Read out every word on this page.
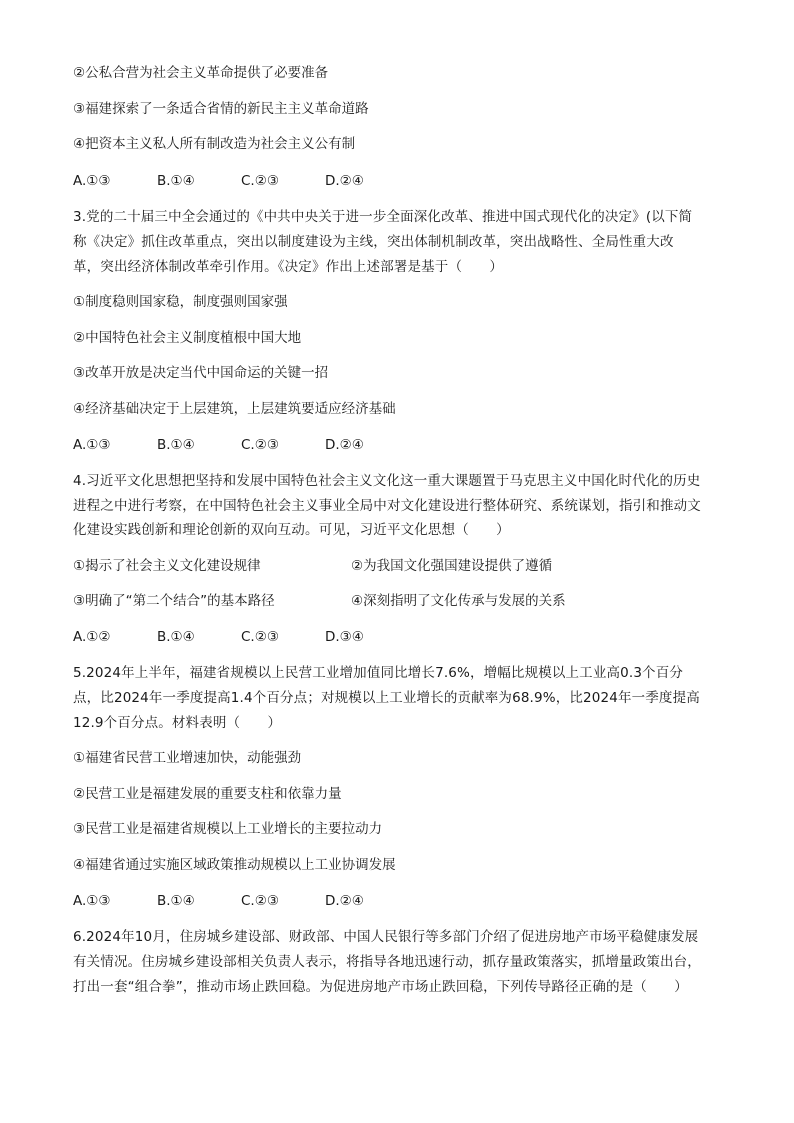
②公私合营为社会主义革命提供了必要准备
③福建探索了一条适合省情的新民主主义革命道路
④把资本主义私人所有制改造为社会主义公有制
A.①③	B.①④	C.②③	D.②④
3.党的二十届三中全会通过的《中共中央关于进一步全面深化改革、推进中国式现代化的决定》(以下简
称《决定》抓住改革重点，突出以制度建设为主线，突出体制机制改革，突出战略性、全局性重大改
革，突出经济体制改革牵引作用。《决定》作出上述部署是基于（　　）
①制度稳则国家稳，制度强则国家强
②中国特色社会主义制度植根中国大地
③改革开放是决定当代中国命运的关键一招
④经济基础决定于上层建筑，上层建筑要适应经济基础
A.①③	B.①④	C.②③	D.②④
4.习近平文化思想把坚持和发展中国特色社会主义文化这一重大课题置于马克思主义中国化时代化的历史
进程之中进行考察，在中国特色社会主义事业全局中对文化建设进行整体研究、系统谋划，指引和推动文
化建设实践创新和理论创新的双向互动。可见，习近平文化思想（　　）
①揭示了社会主义文化建设规律	②为我国文化强国建设提供了遵循
③明确了“第二个结合”的基本路径	④深刻指明了文化传承与发展的关系
A.①②	B.①④	C.②③	D.③④
5.2024年上半年，福建省规模以上民营工业增加值同比增长7.6%，增幅比规模以上工业高0.3个百分
点，比2024年一季度提高1.4个百分点；对规模以上工业增长的贡献率为68.9%，比2024年一季度提高
12.9个百分点。材料表明（　　）
①福建省民营工业增速加快，动能强劲
②民营工业是福建发展的重要支柱和依靠力量
③民营工业是福建省规模以上工业增长的主要拉动力
④福建省通过实施区域政策推动规模以上工业协调发展
A.①③	B.①④	C.②③	D.②④
6.2024年10月，住房城乡建设部、财政部、中国人民银行等多部门介绍了促进房地产市场平稳健康发展
有关情况。住房城乡建设部相关负责人表示，将指导各地迅速行动，抓存量政策落实，抓增量政策出台，
打出一套“组合拳”，推动市场止跌回稳。为促进房地产市场止跌回稳，下列传导路径正确的是（　　）
